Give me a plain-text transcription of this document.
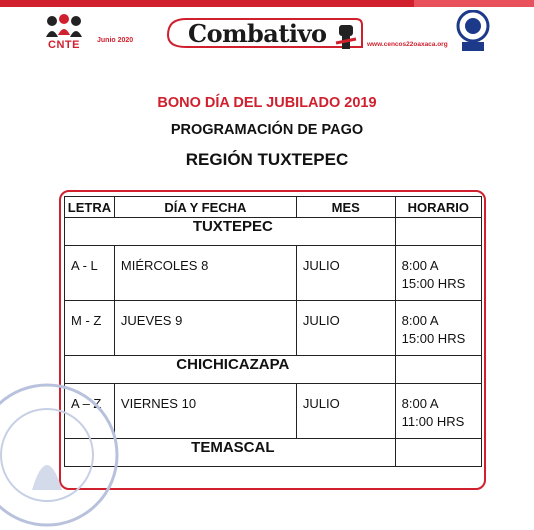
CNTE Junio 2020 Combativo	www.cencos22oaxaca.org
BONO DÍA DEL JUBILADO 2019
PROGRAMACIÓN DE PAGO
REGIÓN TUXTEPEC
LETRA	DÍA Y FECHA	MES	HORARIO
TUXTEPEC			
A - L	MIÉRCOLES 8	JULIO	8:00 A
15:00 HRS
M - Z	JUEVES 9	JULIO	8:00 A
15:00 HRS
CHICHICAZAPA			
A – Z	VIERNES 10	JULIO	8:00 A
11:00 HRS
TEMASCAL			
